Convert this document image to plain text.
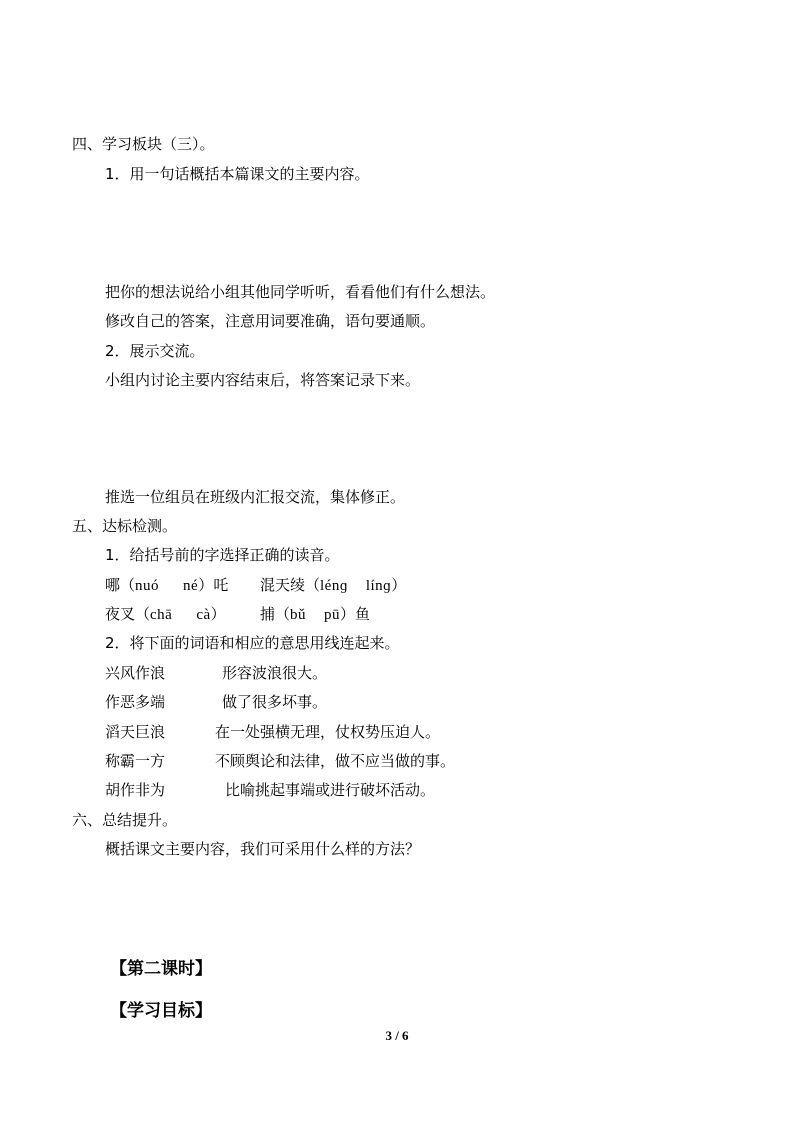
四、学习板块（三）。
1．用一句话概括本篇课文的主要内容。
把你的想法说给小组其他同学听听，看看他们有什么想法。
修改自己的答案，注意用词要准确，语句要通顺。
2．展示交流。
小组内讨论主要内容结束后，将答案记录下来。
推选一位组员在班级内汇报交流，集体修正。
五、达标检测。
1．给括号前的字选择正确的读音。
哪（nuó né）吒 混天绫（lénɡ línɡ）
夜叉（chā cà） 捕（bǔ pū）鱼
2．将下面的词语和相应的意思用线连起来。
兴风作浪	形容波浪很大。
作恶多端	做了很多坏事。
滔天巨浪	在一处强横无理，仗权势压迫人。
称霸一方	不顾舆论和法律，做不应当做的事。
胡作非为	比喻挑起事端或进行破坏活动。
六、总结提升。
概括课文主要内容，我们可采用什么样的方法？
【第二课时】
【学习目标】
3 / 6
